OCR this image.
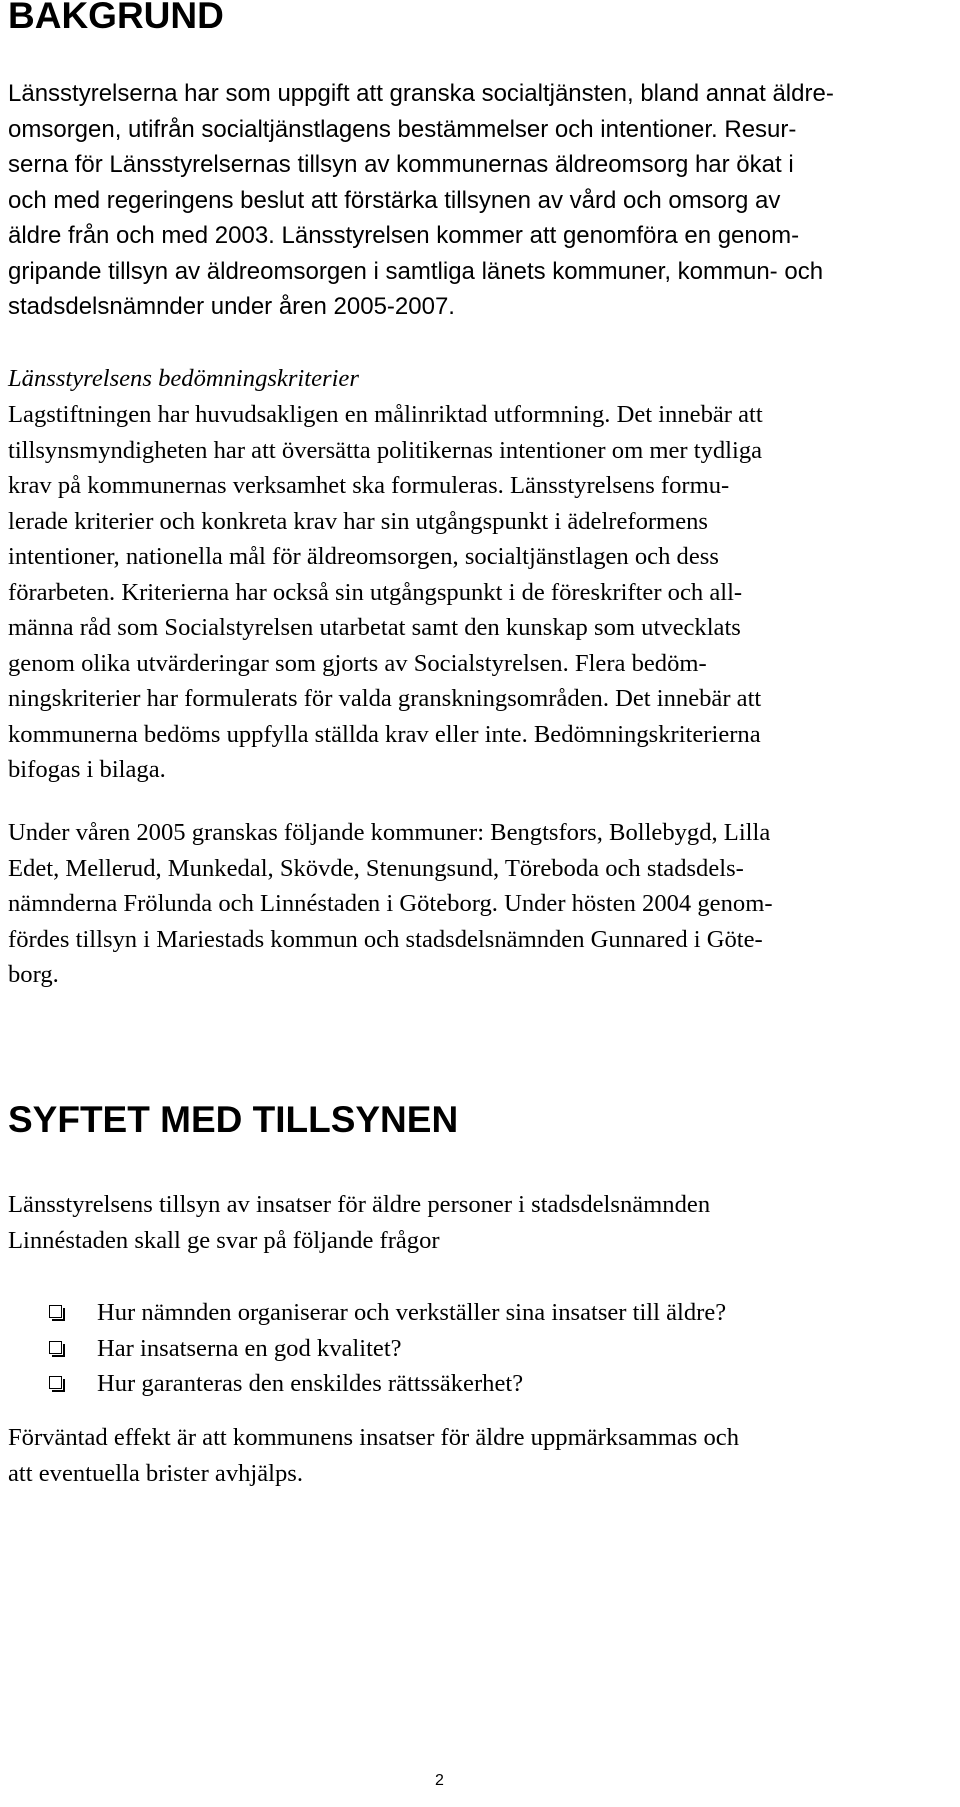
BAKGRUND

Länsstyrelserna har som uppgift att granska socialtjänsten, bland annat äldre-
omsorgen, utifrån socialtjänstlagens bestämmelser och intentioner. Resur-
serna för Länsstyrelsernas tillsyn av kommunernas äldreomsorg har ökat i
och med regeringens beslut att förstärka tillsynen av vård och omsorg av
äldre från och med 2003. Länsstyrelsen kommer att genomföra en genom-
gripande tillsyn av äldreomsorgen i samtliga länets kommuner, kommun- och
stadsdelsnämnder under åren 2005-2007.

Länsstyrelsens bedömningskriterier

Lagstiftningen har huvudsakligen en målinriktad utformning. Det innebär att
tillsynsmyndigheten har att översätta politikernas intentioner om mer tydliga
krav på kommunernas verksamhet ska formuleras. Länsstyrelsens formu-
lerade kriterier och konkreta krav har sin utgångspunkt i ädelreformens
intentioner, nationella mål för äldreomsorgen, socialtjänstlagen och dess
förarbeten. Kriterierna har också sin utgångspunkt i de föreskrifter och all-
männa råd som Socialstyrelsen utarbetat samt den kunskap som utvecklats
genom olika utvärderingar som gjorts av Socialstyrelsen. Flera bedöm-
ningskriterier har formulerats för valda granskningsområden. Det innebär att
kommunerna bedöms uppfylla ställda krav eller inte. Bedömningskriterierna
bifogas i bilaga.

Under våren 2005 granskas följande kommuner: Bengtsfors, Bollebygd, Lilla
Edet, Mellerud, Munkedal, Skövde, Stenungsund, Töreboda och stadsdels-
nämnderna Frölunda och Linnéstaden i Göteborg. Under hösten 2004 genom-
fördes tillsyn i Mariestads kommun och stadsdelsnämnden Gunnared i Göte-
borg.

SYFTET MED TILLSYNEN

Länsstyrelsens tillsyn av insatser för äldre personer i stadsdelsnämnden
Linnéstaden skall ge svar på följande frågor

Hur nämnden organiserar och verkställer sina insatser till äldre?
Har insatserna en god kvalitet?
Hur garanteras den enskildes rättssäkerhet?

Förväntad effekt är att kommunens insatser för äldre uppmärksammas och
att eventuella brister avhjälps.

2
